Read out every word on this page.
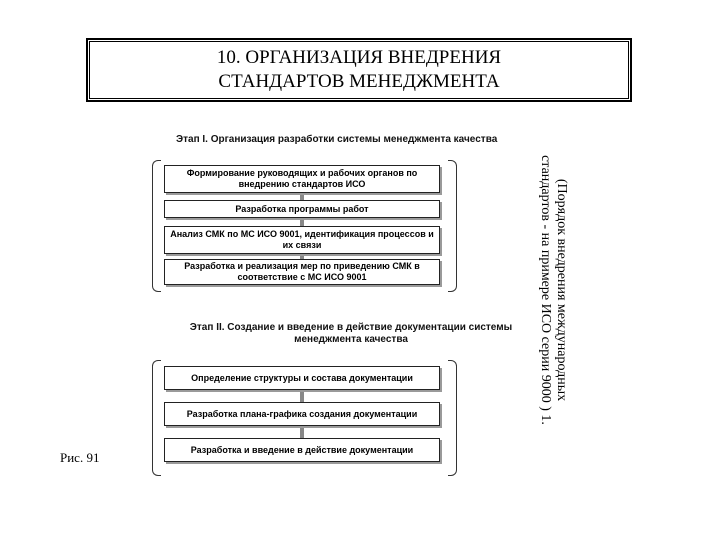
10. ОРГАНИЗАЦИЯ ВНЕДРЕНИЯ
СТАНДАРТОВ МЕНЕДЖМЕНТА
Этап I. Организация разработки системы менеджмента качества
Формирование руководящих и рабочих органов по внедрению стандартов ИСО
Разработка программы работ
Анализ СМК по МС ИСО 9001, идентификация процессов и их связи
Разработка и реализация мер по приведению СМК в соответствие с МС ИСО 9001
Этап II. Создание и введение в действие документации системы
менеджмента качества
Определение структуры и состава документации
Разработка плана-графика создания документации
Разработка и введение в действие документации
(Порядок внедрения международных
стандартов - на примере ИСО серии 9000 ) 1.
Рис. 91
